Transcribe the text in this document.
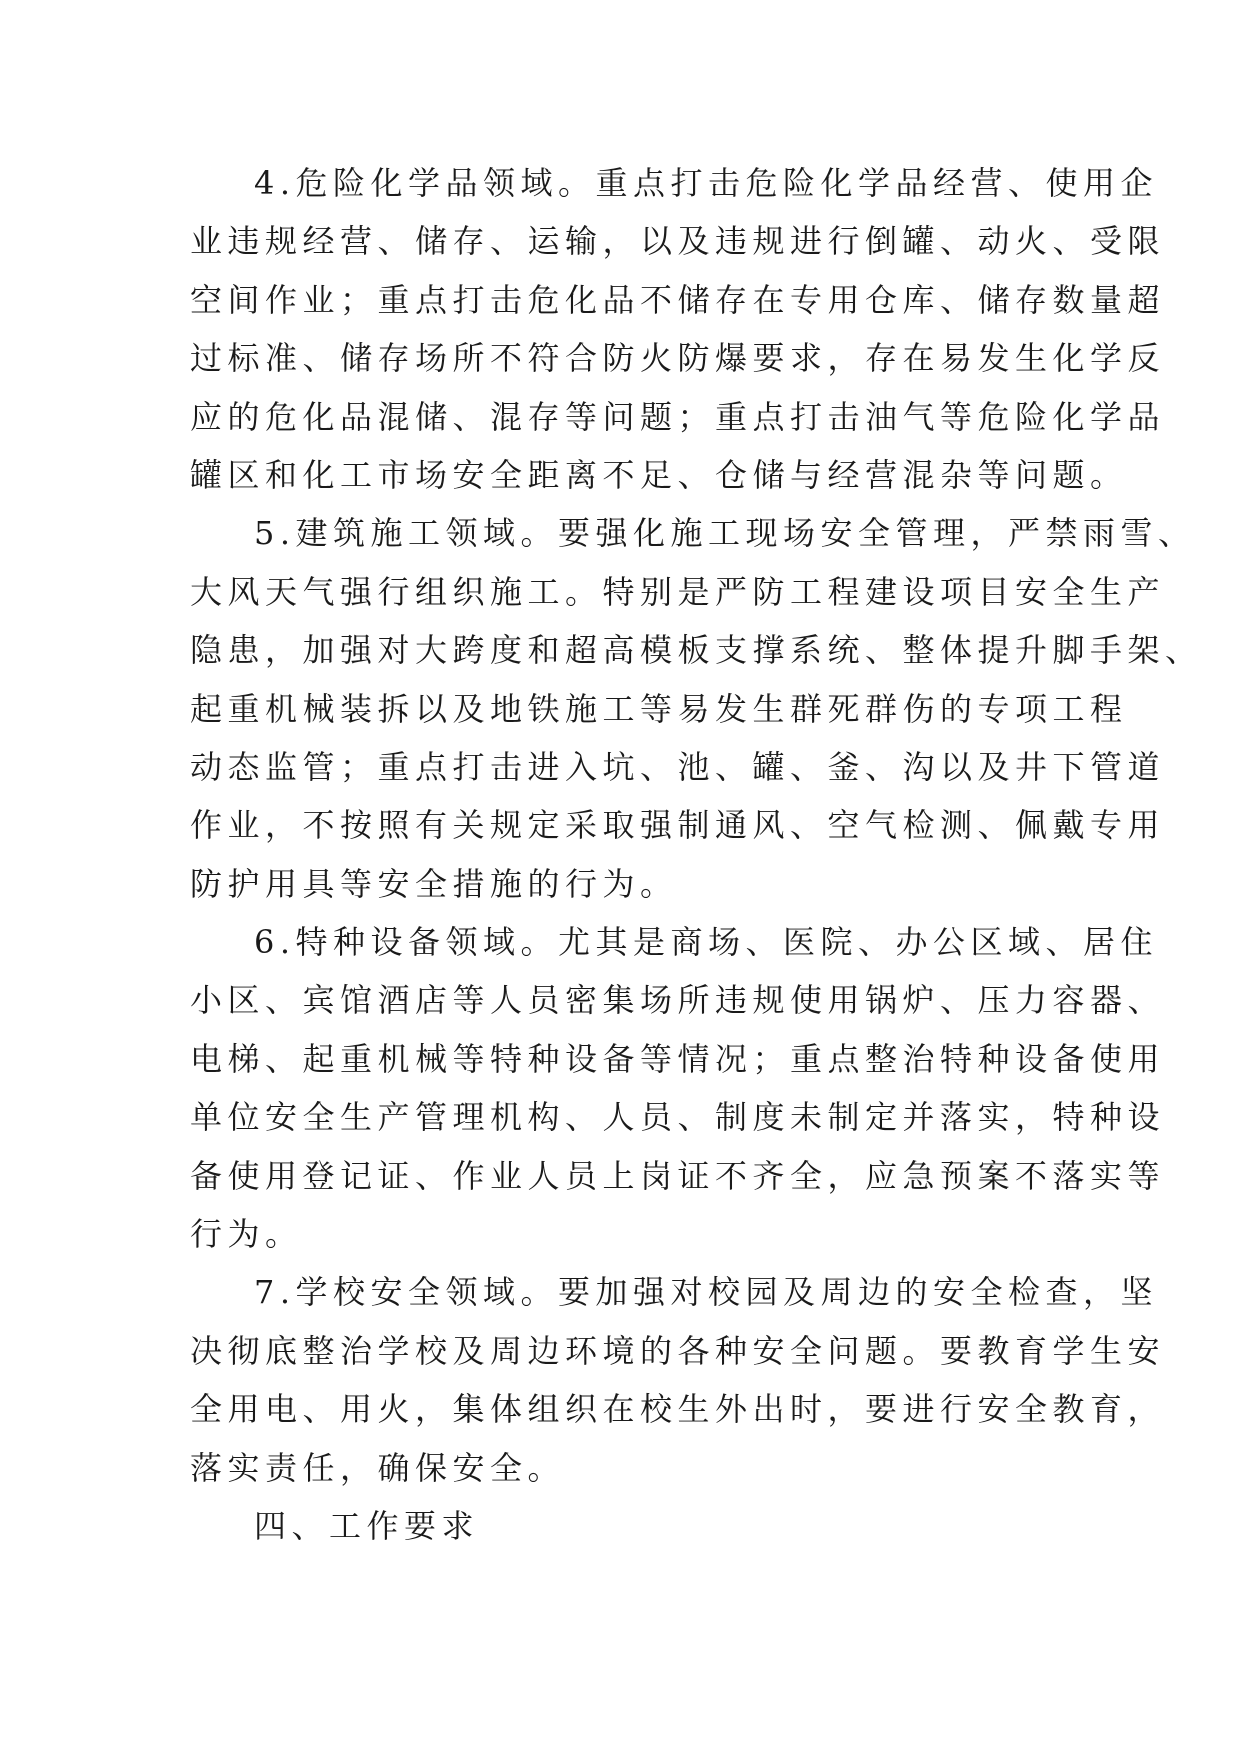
4.危险化学品领域。重点打击危险化学品经营、使用企
业违规经营、储存、运输，以及违规进行倒罐、动火、受限
空间作业；重点打击危化品不储存在专用仓库、储存数量超
过标准、储存场所不符合防火防爆要求，存在易发生化学反
应的危化品混储、混存等问题；重点打击油气等危险化学品
罐区和化工市场安全距离不足、仓储与经营混杂等问题。
5.建筑施工领域。要强化施工现场安全管理，严禁雨雪、
大风天气强行组织施工。特别是严防工程建设项目安全生产
隐患，加强对大跨度和超高模板支撑系统、整体提升脚手架、
起重机械装拆以及地铁施工等易发生群死群伤的专项工程
动态监管；重点打击进入坑、池、罐、釜、沟以及井下管道
作业，不按照有关规定采取强制通风、空气检测、佩戴专用
防护用具等安全措施的行为。
6.特种设备领域。尤其是商场、医院、办公区域、居住
小区、宾馆酒店等人员密集场所违规使用锅炉、压力容器、
电梯、起重机械等特种设备等情况；重点整治特种设备使用
单位安全生产管理机构、人员、制度未制定并落实，特种设
备使用登记证、作业人员上岗证不齐全，应急预案不落实等
行为。
7.学校安全领域。要加强对校园及周边的安全检查，坚
决彻底整治学校及周边环境的各种安全问题。要教育学生安
全用电、用火，集体组织在校生外出时，要进行安全教育，
落实责任，确保安全。
四、工作要求
